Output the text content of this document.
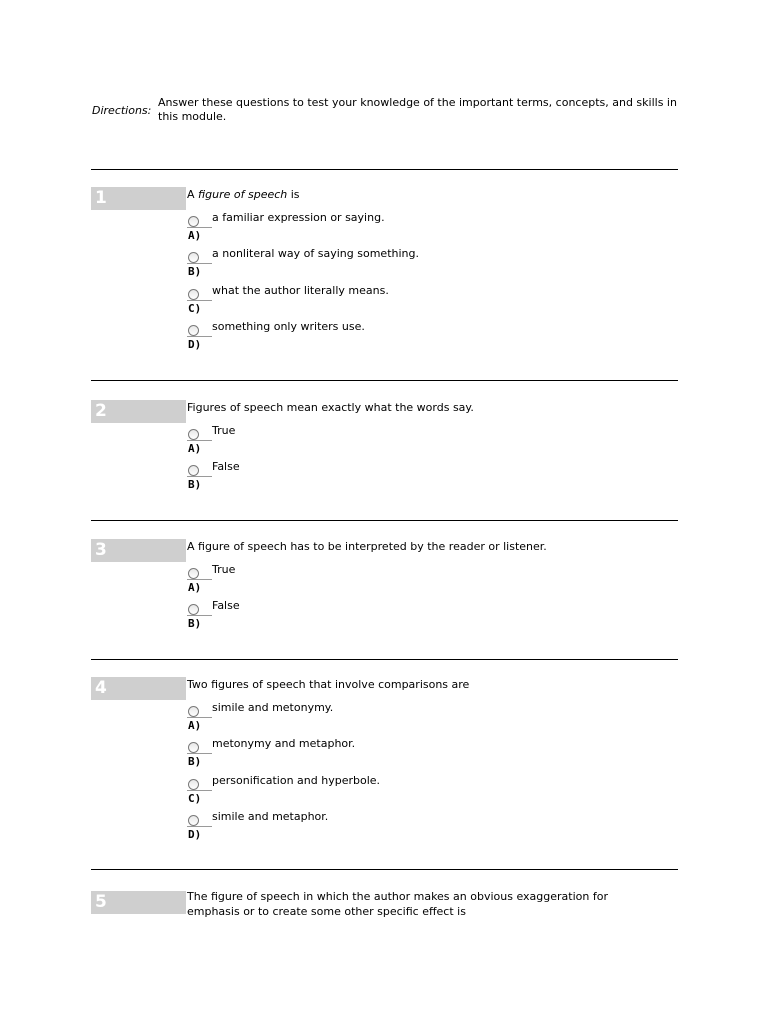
Directions:
Answer these questions to test your knowledge of the important terms, concepts, and skills in this module.
1	A figure of speech is
a familiar expression or saying.
A)
a nonliteral way of saying something.
B)
what the author literally means.
C)
something only writers use.
D)
2	Figures of speech mean exactly what the words say.
True
A)
False
B)
3	A figure of speech has to be interpreted by the reader or listener.
True
A)
False
B)
4	Two figures of speech that involve comparisons are
simile and metonymy.
A)
metonymy and metaphor.
B)
personification and hyperbole.
C)
simile and metaphor.
D)
5	The figure of speech in which the author makes an obvious exaggeration for emphasis or to create some other specific effect is
